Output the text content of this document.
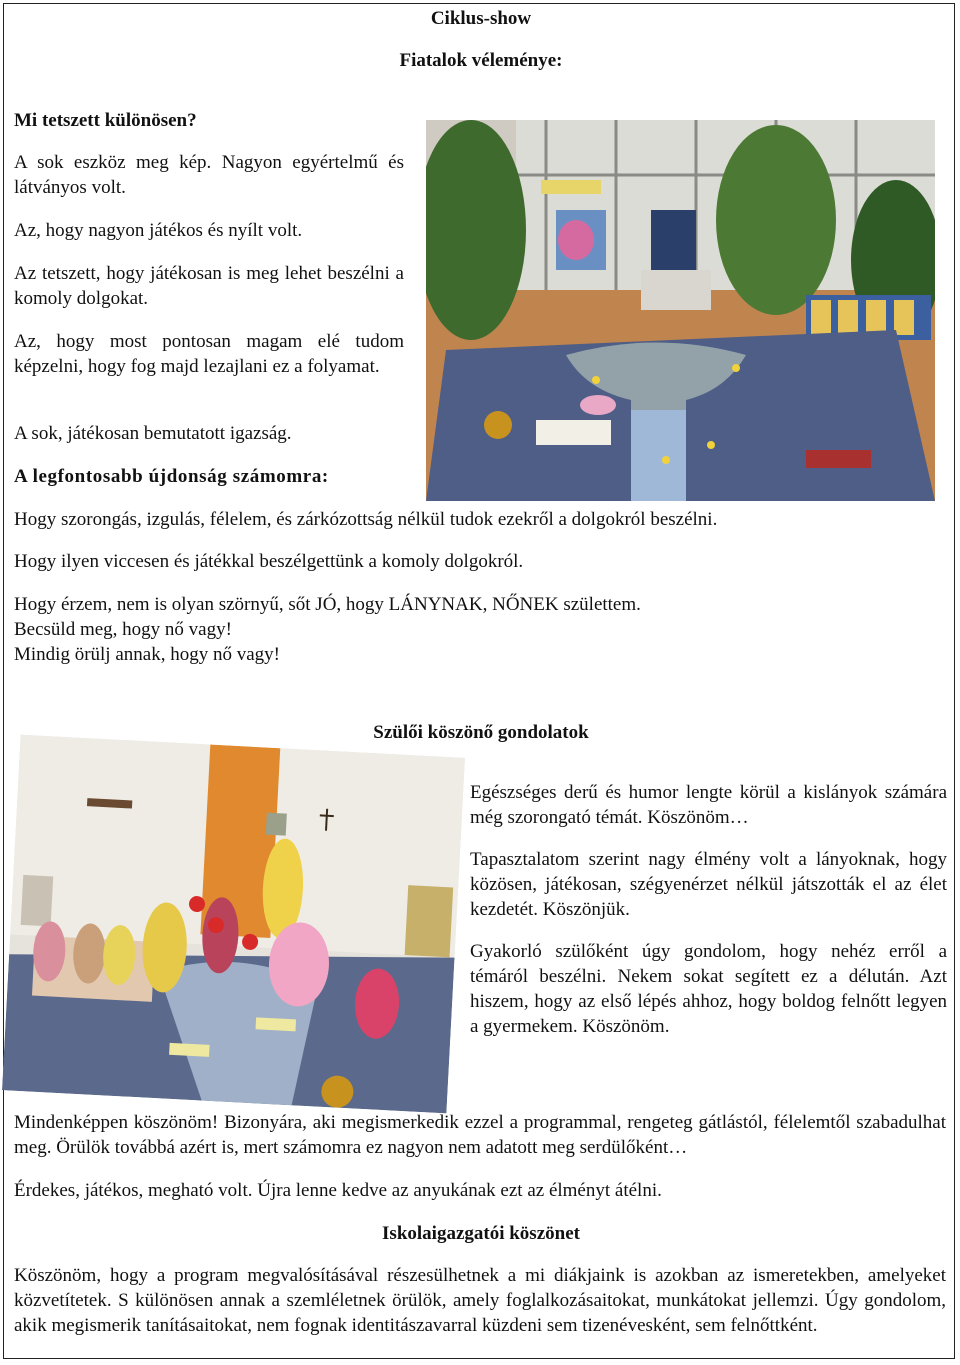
Ciklus-show

Fiatalok véleménye:

Mi tetszett különösen?

A sok eszköz meg kép. Nagyon egyértelmű és látványos volt.

Az, hogy nagyon játékos és nyílt volt.

Az tetszett, hogy játékosan is meg lehet beszélni a komoly dolgokat.

Az, hogy most pontosan magam elé tudom képzelni, hogy fog majd lezajlani ez a folyamat.

A sok, játékosan bemutatott igazság.

A legfontosabb újdonság számomra:

Hogy szorongás, izgulás, félelem, és zárkózottság nélkül tudok ezekről a dolgokról beszélni.

Hogy ilyen viccesen és játékkal beszélgettünk a komoly dolgokról.

Hogy érzem, nem is olyan szörnyű, sőt JÓ, hogy LÁNYNAK, NŐNEK születtem.

Becsüld meg, hogy nő vagy!

Mindig örülj annak, hogy nő vagy!

Szülői köszönő gondolatok

Egészséges derű és humor lengte körül a kislányok számára még szorongató témát. Köszönöm…

Tapasztalatom szerint nagy élmény volt a lányoknak, hogy közösen, játékosan, szégyenérzet nélkül játszották el az élet kezdetét. Köszönjük.

Gyakorló szülőként úgy gondolom, hogy nehéz erről a témáról beszélni. Nekem sokat segített ez a délután. Azt hiszem, hogy az első lépés ahhoz, hogy boldog felnőtt legyen a gyermekem. Köszönöm.

Mindenképpen köszönöm! Bizonyára, aki megismerkedik ezzel a programmal, rengeteg gátlástól, félelemtől szabadulhat meg. Örülök továbbá azért is, mert számomra ez nagyon nem adatott meg serdülőként…

Érdekes, játékos, megható volt. Újra lenne kedve az anyukának ezt az élményt átélni.

Iskolaigazgatói köszönet

Köszönöm, hogy a program megvalósításával részesülhetnek a mi diákjaink is azokban az ismeretekben, amelyeket közvetítetek. S különösen annak a szemléletnek örülök, amely foglalkozásaitokat, munkátokat jellemzi. Úgy gondolom, akik megismerik tanításaitokat, nem fognak identitászavarral küzdeni sem tizenévesként, sem felnőttként.
